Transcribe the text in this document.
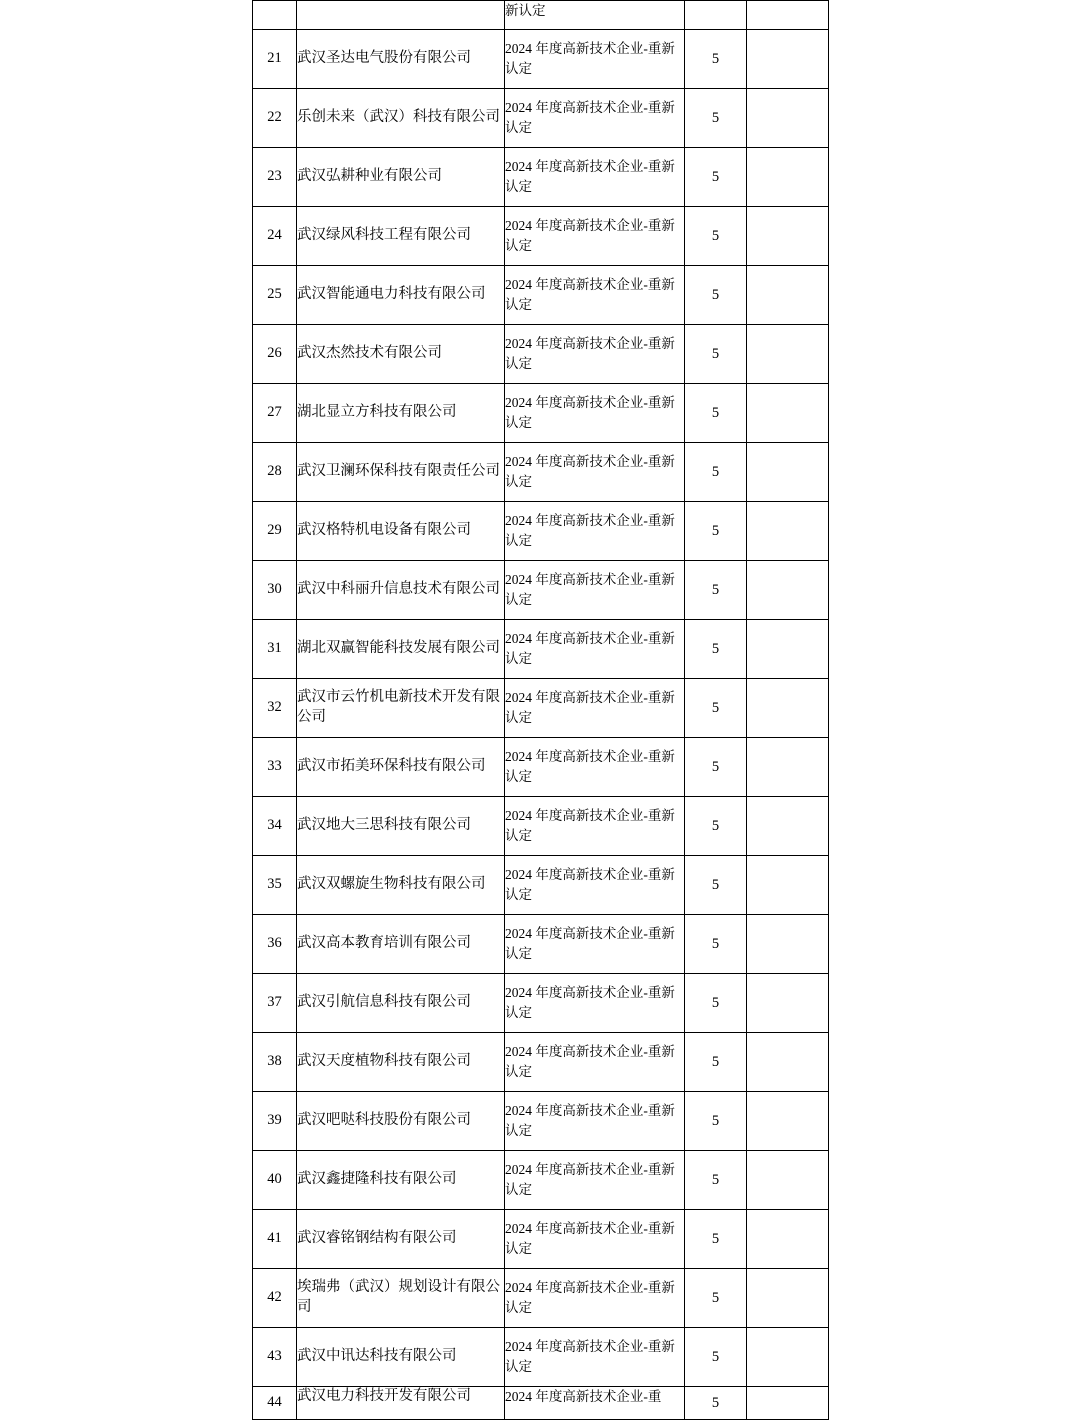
		新认定		
21	武汉圣达电气股份有限公司	2024 年度高新技术企业-重新认定	5	
22	乐创未来（武汉）科技有限公司	2024 年度高新技术企业-重新认定	5	
23	武汉弘耕种业有限公司	2024 年度高新技术企业-重新认定	5	
24	武汉绿风科技工程有限公司	2024 年度高新技术企业-重新认定	5	
25	武汉智能通电力科技有限公司	2024 年度高新技术企业-重新认定	5	
26	武汉杰然技术有限公司	2024 年度高新技术企业-重新认定	5	
27	湖北显立方科技有限公司	2024 年度高新技术企业-重新认定	5	
28	武汉卫澜环保科技有限责任公司	2024 年度高新技术企业-重新认定	5	
29	武汉格特机电设备有限公司	2024 年度高新技术企业-重新认定	5	
30	武汉中科丽升信息技术有限公司	2024 年度高新技术企业-重新认定	5	
31	湖北双赢智能科技发展有限公司	2024 年度高新技术企业-重新认定	5	
32	武汉市云竹机电新技术开发有限公司	2024 年度高新技术企业-重新认定	5	
33	武汉市拓美环保科技有限公司	2024 年度高新技术企业-重新认定	5	
34	武汉地大三思科技有限公司	2024 年度高新技术企业-重新认定	5	
35	武汉双螺旋生物科技有限公司	2024 年度高新技术企业-重新认定	5	
36	武汉高本教育培训有限公司	2024 年度高新技术企业-重新认定	5	
37	武汉引航信息科技有限公司	2024 年度高新技术企业-重新认定	5	
38	武汉天度植物科技有限公司	2024 年度高新技术企业-重新认定	5	
39	武汉吧哒科技股份有限公司	2024 年度高新技术企业-重新认定	5	
40	武汉鑫捷隆科技有限公司	2024 年度高新技术企业-重新认定	5	
41	武汉睿铭钢结构有限公司	2024 年度高新技术企业-重新认定	5	
42	埃瑞弗（武汉）规划设计有限公司	2024 年度高新技术企业-重新认定	5	
43	武汉中讯达科技有限公司	2024 年度高新技术企业-重新认定	5	
44	武汉电力科技开发有限公司	2024 年度高新技术企业-重	5	
